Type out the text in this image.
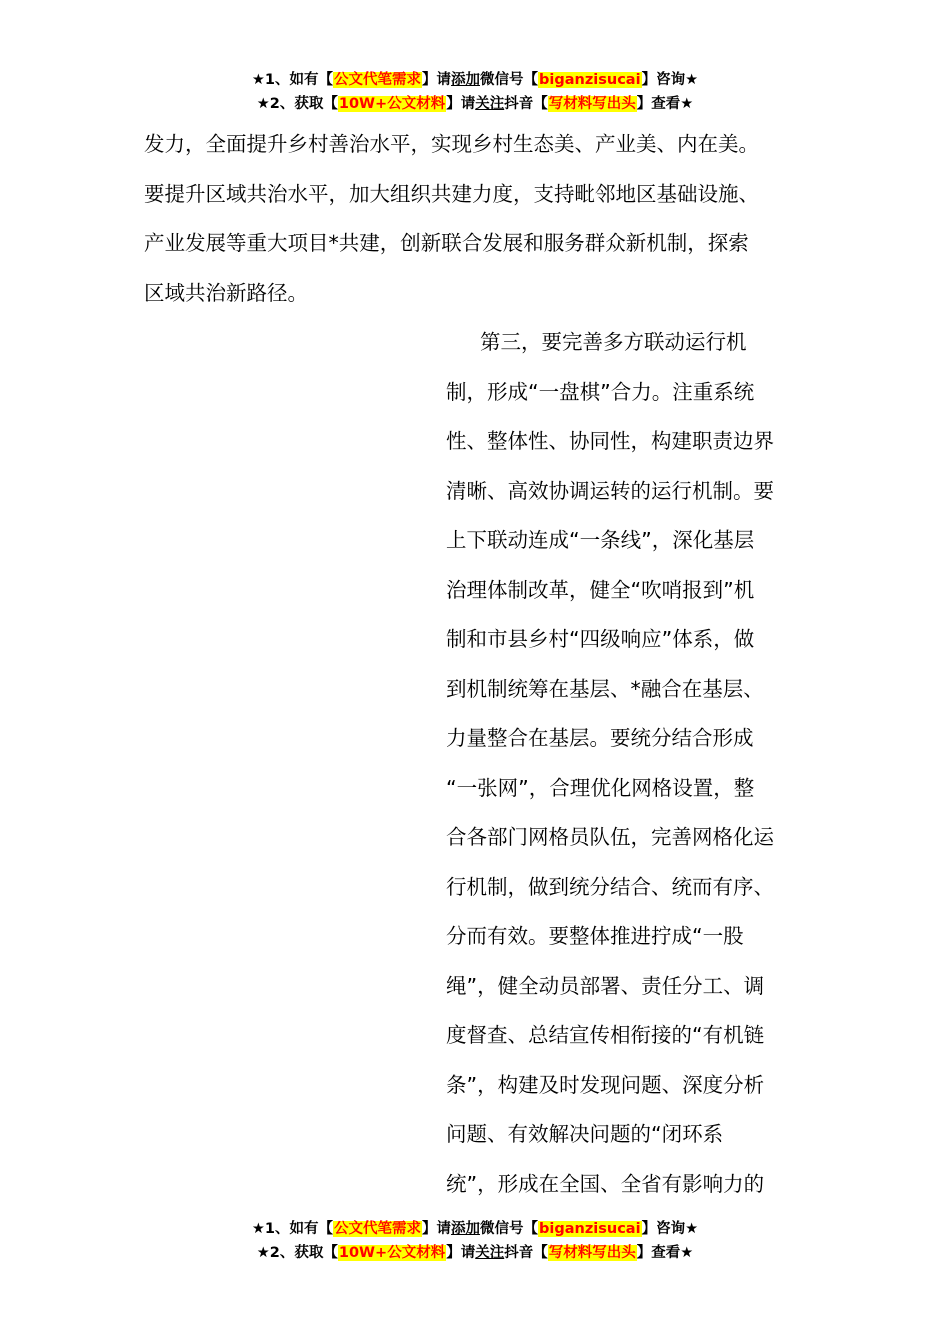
★1、如有【公文代笔需求】请添加微信号【biganzisucai】咨询★
★2、获取【10W+公文材料】请关注抖音【写材料写出头】查看★
发力，全面提升乡村善治水平，实现乡村生态美、产业美、内在美。
要提升区域共治水平，加大组织共建力度，支持毗邻地区基础设施、
产业发展等重大项目*共建，创新联合发展和服务群众新机制，探索
区域共治新路径。
第三，要完善多方联动运行机
制，形成“一盘棋”合力。注重系统
性、整体性、协同性，构建职责边界
清晰、高效协调运转的运行机制。要
上下联动连成“一条线”，深化基层
治理体制改革，健全“吹哨报到”机
制和市县乡村“四级响应”体系，做
到机制统筹在基层、*融合在基层、
力量整合在基层。要统分结合形成
“一张网”，合理优化网格设置，整
合各部门网格员队伍，完善网格化运
行机制，做到统分结合、统而有序、
分而有效。要整体推进拧成“一股
绳”，健全动员部署、责任分工、调
度督查、总结宣传相衔接的“有机链
条”，构建及时发现问题、深度分析
问题、有效解决问题的“闭环系
统”，形成在全国、全省有影响力的
★1、如有【公文代笔需求】请添加微信号【biganzisucai】咨询★
★2、获取【10W+公文材料】请关注抖音【写材料写出头】查看★
